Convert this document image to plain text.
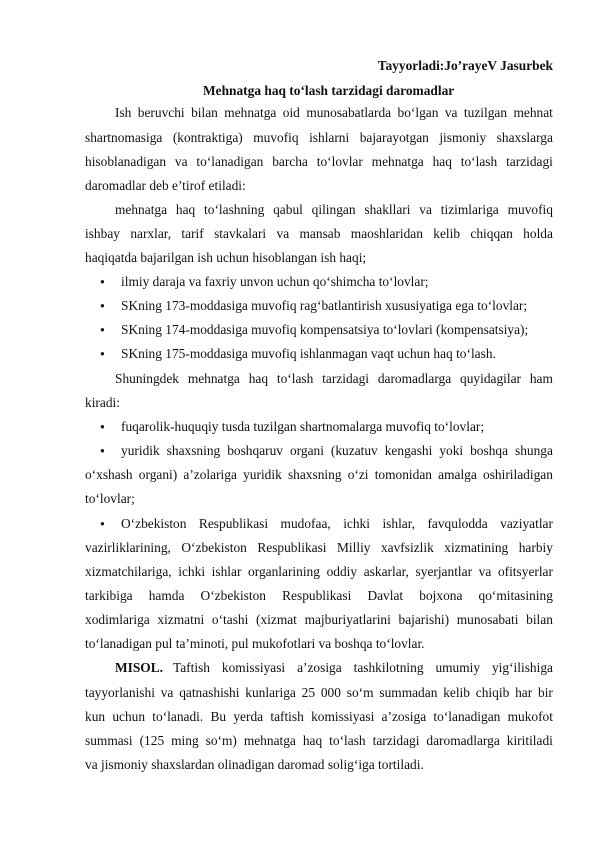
Tayyorladi:Jo’rayeV Jasurbek
Mehnatga haq to‘lash tarzidagi daromadlar
Ish beruvchi bilan mehnatga oid munosabatlarda bo‘lgan va tuzilgan mehnat
shartnomasiga (kontraktiga) muvofiq ishlarni bajarayotgan jismoniy shaxslarga
hisoblanadigan va to‘lanadigan barcha to‘lovlar mehnatga haq to‘lash tarzidagi
daromadlar deb e’tirof etiladi:
mehnatga haq to‘lashning qabul qilingan shakllari va tizimlariga muvofiq
ishbay narxlar, tarif stavkalari va mansab maoshlaridan kelib chiqqan holda
haqiqatda bajarilgan ish uchun hisoblangan ish haqi;
● ilmiy daraja va faxriy unvon uchun qo‘shimcha to‘lovlar;
● SKning 173-moddasiga muvofiq rag‘batlantirish xususiyatiga ega to‘lovlar;
● SKning 174-moddasiga muvofiq kompensatsiya to‘lovlari (kompensatsiya);
● SKning 175-moddasiga muvofiq ishlanmagan vaqt uchun haq to‘lash.
Shuningdek mehnatga haq to‘lash tarzidagi daromadlarga quyidagilar ham
kiradi:
● fuqarolik-huquqiy tusda tuzilgan shartnomalarga muvofiq to‘lovlar;
● yuridik shaxsning boshqaruv organi (kuzatuv kengashi yoki boshqa shunga
o‘xshash organi) a’zolariga yuridik shaxsning o‘zi tomonidan amalga oshiriladigan
to‘lovlar;
● O‘zbekiston Respublikasi mudofaa, ichki ishlar, favqulodda vaziyatlar
vazirliklarining, O‘zbekiston Respublikasi Milliy xavfsizlik xizmatining harbiy
xizmatchilariga, ichki ishlar organlarining oddiy askarlar, syerjantlar va ofitsyerlar
tarkibiga hamda O‘zbekiston Respublikasi Davlat bojxona qo‘mitasining
xodimlariga xizmatni o‘tashi (xizmat majburiyatlarini bajarishi) munosabati bilan
to‘lanadigan pul ta’minoti, pul mukofotlari va boshqa to‘lovlar.
MISOL. Taftish komissiyasi a’zosiga tashkilotning umumiy yig‘ilishiga
tayyorlanishi va qatnashishi kunlariga 25 000 so‘m summadan kelib chiqib har bir
kun uchun to‘lanadi. Bu yerda taftish komissiyasi a’zosiga to‘lanadigan mukofot
summasi (125 ming so‘m) mehnatga haq to‘lash tarzidagi daromadlarga kiritiladi
va jismoniy shaxslardan olinadigan daromad solig‘iga tortiladi.
